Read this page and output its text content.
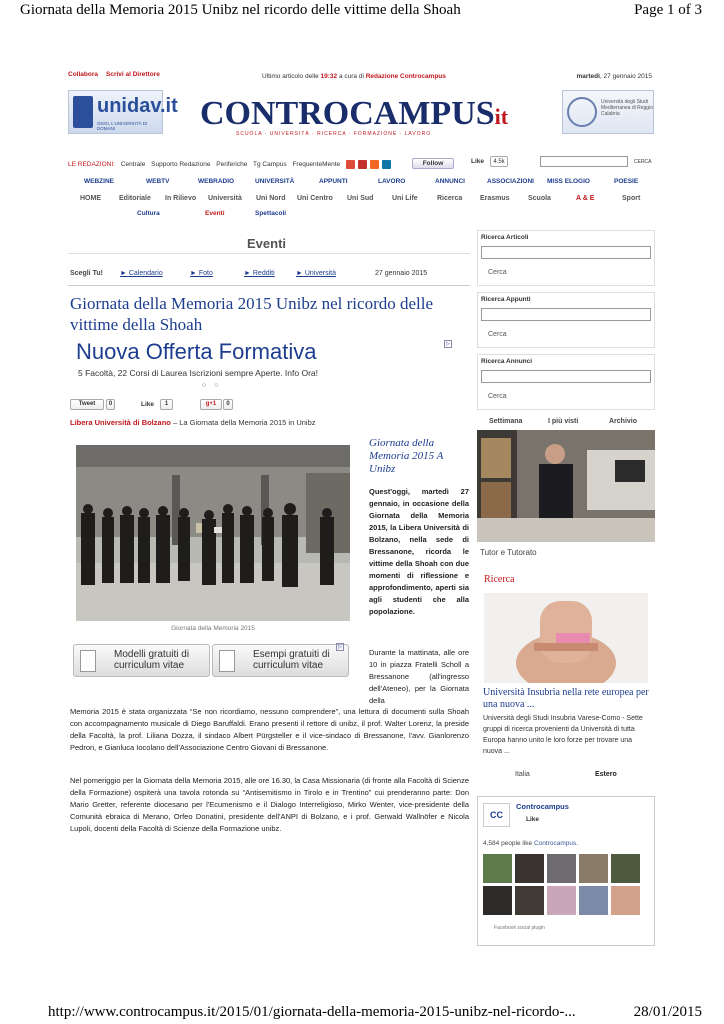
Giornata della Memoria 2015 Unibz nel ricordo delle vittime della Shoah	Page 1 of 3
Collabora Scrivi al Direttore	Ultimo articolo delle 19:32 a cura di Redazione Controcampus	martedì, 27 gennaio 2015
unidav.it
OGGI, L'UNIVERSITÀ DI DOMANI	CONTROCAMPUSit
SCUOLA · UNIVERSITÀ · RICERCA · FORMAZIONE · LAVORO
Università degli Studi Mediterranea di Reggio Calabria
LE REDAZIONI: Centrale Supporto Redazione Periferiche Tg Campus FrequenteMente	Follow	Like	4.5k	CERCA
WEBZINE	WEBTV	WEBRADIO	UNIVERSITÀ	APPUNTI	LAVORO	ANNUNCI	ASSOCIAZIONI MISS ELOGIO	POESIE
HOME	Editoriale In Rilievo Università Uni Nord Uni Centro Uni Sud	Uni Life	Ricerca	Erasmus	Scuola	A & E	Sport
Cultura	Eventi	Spettacoli
Eventi
Scegli Tu! ► Calendario	► Foto	► Redditi	► Università	27 gennaio 2015
Giornata della Memoria 2015 Unibz nel ricordo delle vittime della Shoah
Nuova Offerta Formativa	▷
5 Facoltà, 22 Corsi di Laurea Iscrizioni sempre Aperte. Info Ora!
○ ○
Tweet	0	Like	1	g+1	0
Libera Università di Bolzano – La Giornata della Memoria 2015 in Unibz
Giornata della Memoria 2015
Modelli gratuiti di curriculum vitae
Esempi gratuiti di curriculum vitae
▷
Giornata della Memoria 2015 A Unibz
Quest'oggi, martedì 27 gennaio, in occasione della Giornata della Memoria 2015, la Libera Università di Bolzano, nella sede di Bressanone, ricorda le vittime della Shoah con due momenti di riflessione e approfondimento, aperti sia agli studenti che alla popolazione.
Durante la mattinata, alle ore 10 in piazza Fratelli Scholl a Bressanone (all'ingresso dell'Ateneo), per la Giornata della
Memoria 2015 è stata organizzata “Se non ricordiamo, nessuno comprendere”, una lettura di documenti sulla Shoah con accompagnamento musicale di Diego Baruffaldi. Erano presenti il rettore di unibz, il prof. Walter Lorenz, la preside della Facoltà, la prof. Liliana Dozza, il sindaco Albert Pürgsteller e il vice-sindaco di Bressanone, l'avv. Gianlorenzo Pedron, e Gianluca Iocolano dell'Associazione Centro Giovani di Bressanone.
Nel pomeriggio per la Giornata della Memoria 2015, alle ore 16.30, la Casa Missionaria (di fronte alla Facoltà di Scienze della Formazione) ospiterà una tavola rotonda su “Antisemitismo in Tirolo e in Trentino” cui prenderanno parte: Don Mario Gretter, referente diocesano per l'Ecumenismo e il Dialogo Interreligioso, Mirko Wenter, vice-presidente della Comunità ebraica di Merano, Orfeo Donatini, presidente dell'ANPI di Bolzano, e i prof. Gerwald Wallnöfer e Nicola Lupoli, docenti della Facoltà di Scienze della Formazione unibz.
Ricerca Articoli
Cerca
Ricerca Appunti
Cerca
Ricerca Annunci
Cerca
Settimana	I più visti	Archivio
Tutor e Tutorato
Ricerca
Università Insubria nella rete europea per una nuova ...
Università degli Studi Insubria Varese-Como - Sette gruppi di ricerca provenienti da Università di tutta Europa hanno unito le loro forze per trovare una nuova ...
Italia	Estero
CC
Controcampus
Like
4,584 people like Controcampus.
Facebook social plugin
http://www.controcampus.it/2015/01/giornata-della-memoria-2015-unibz-nel-ricordo-...	28/01/2015
